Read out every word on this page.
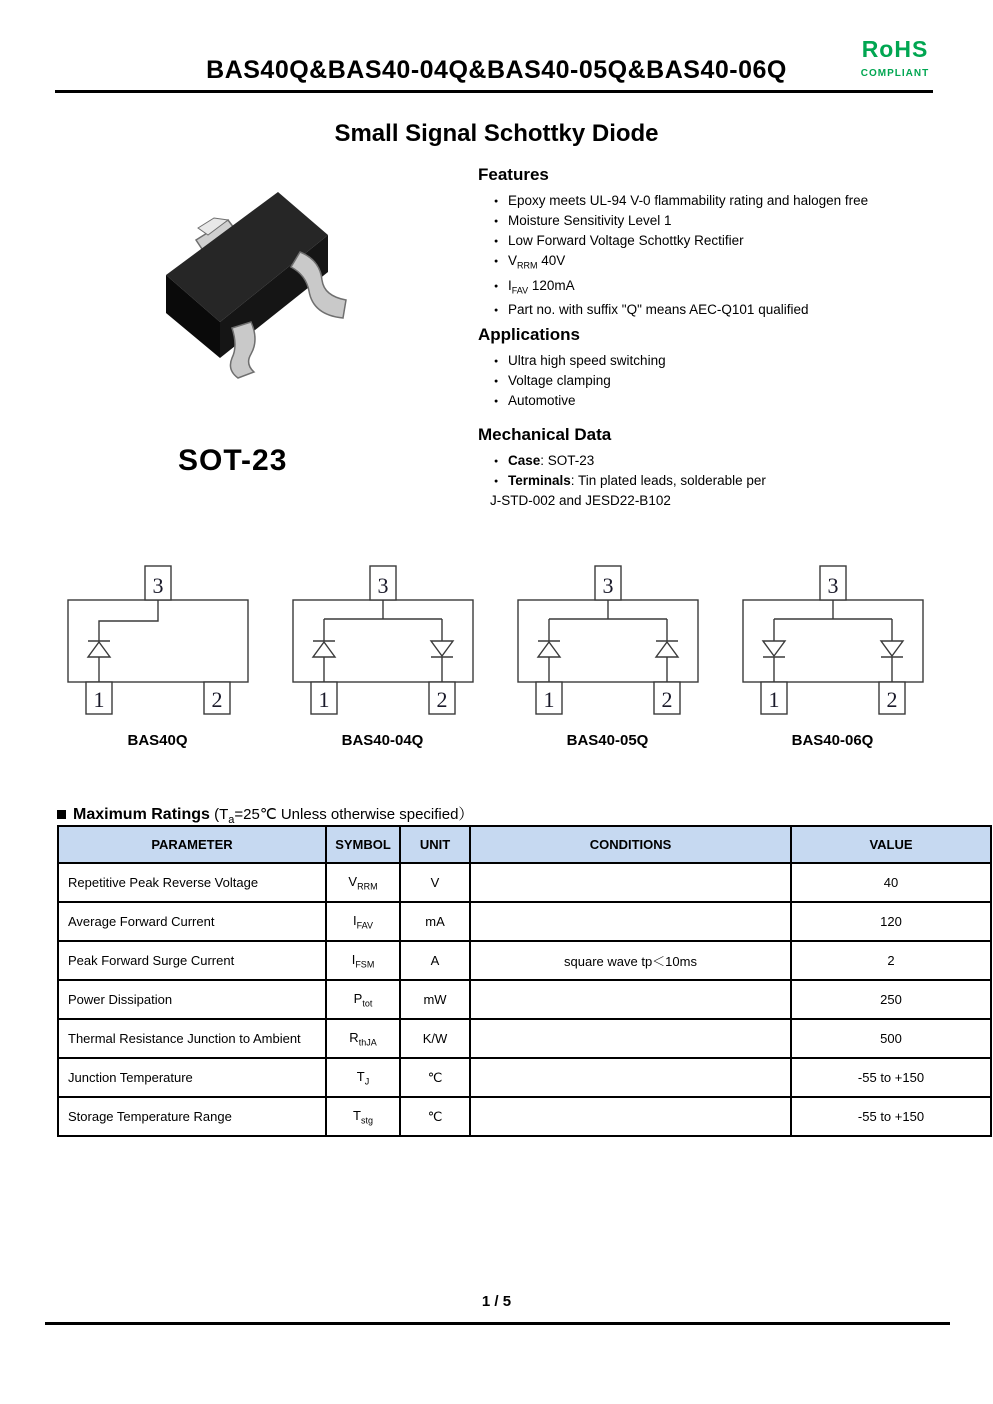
BAS40Q&BAS40-04Q&BAS40-05Q&BAS40-06Q
RoHS
COMPLIANT
Small Signal Schottky Diode
SOT-23
Features
● Epoxy meets UL-94 V-0 flammability rating and halogen free
● Moisture Sensitivity Level 1
● Low Forward Voltage Schottky Rectifier
● $V_{RRM}$ 40V
● $I_{FAV}$ 120mA
● Part no. with suffix "Q" means AEC-Q101 qualified
Applications
● Ultra high speed switching
● Voltage clamping
● Automotive
Mechanical Data
● Case: SOT-23
● Terminals: Tin plated leads, solderable per
J-STD-002 and JESD22-B102
3
1	2
BAS40Q
3
1	2
BAS40-04Q
3
1	2
BAS40-05Q
3
1	2
BAS40-06Q
Maximum Ratings ($T_a=25℃$ Unless otherwise specified）
PARAMETER	SYMBOL	UNIT	CONDITIONS	VALUE
Repetitive Peak Reverse Voltage	$V_{RRM}$	V		40
Average Forward Current	$I_{FAV}$	mA		120
Peak Forward Surge Current	$I_{FSM}$	A	square wave tp＜10ms	2
Power Dissipation	$P_{tot}$	mW		250
Thermal Resistance Junction to Ambient	$R_{thJA}$	K/W		500
Junction Temperature	$T_J$	℃		-55 to +150
Storage Temperature Range	$T_{stg}$	℃		-55 to +150
1 / 5
